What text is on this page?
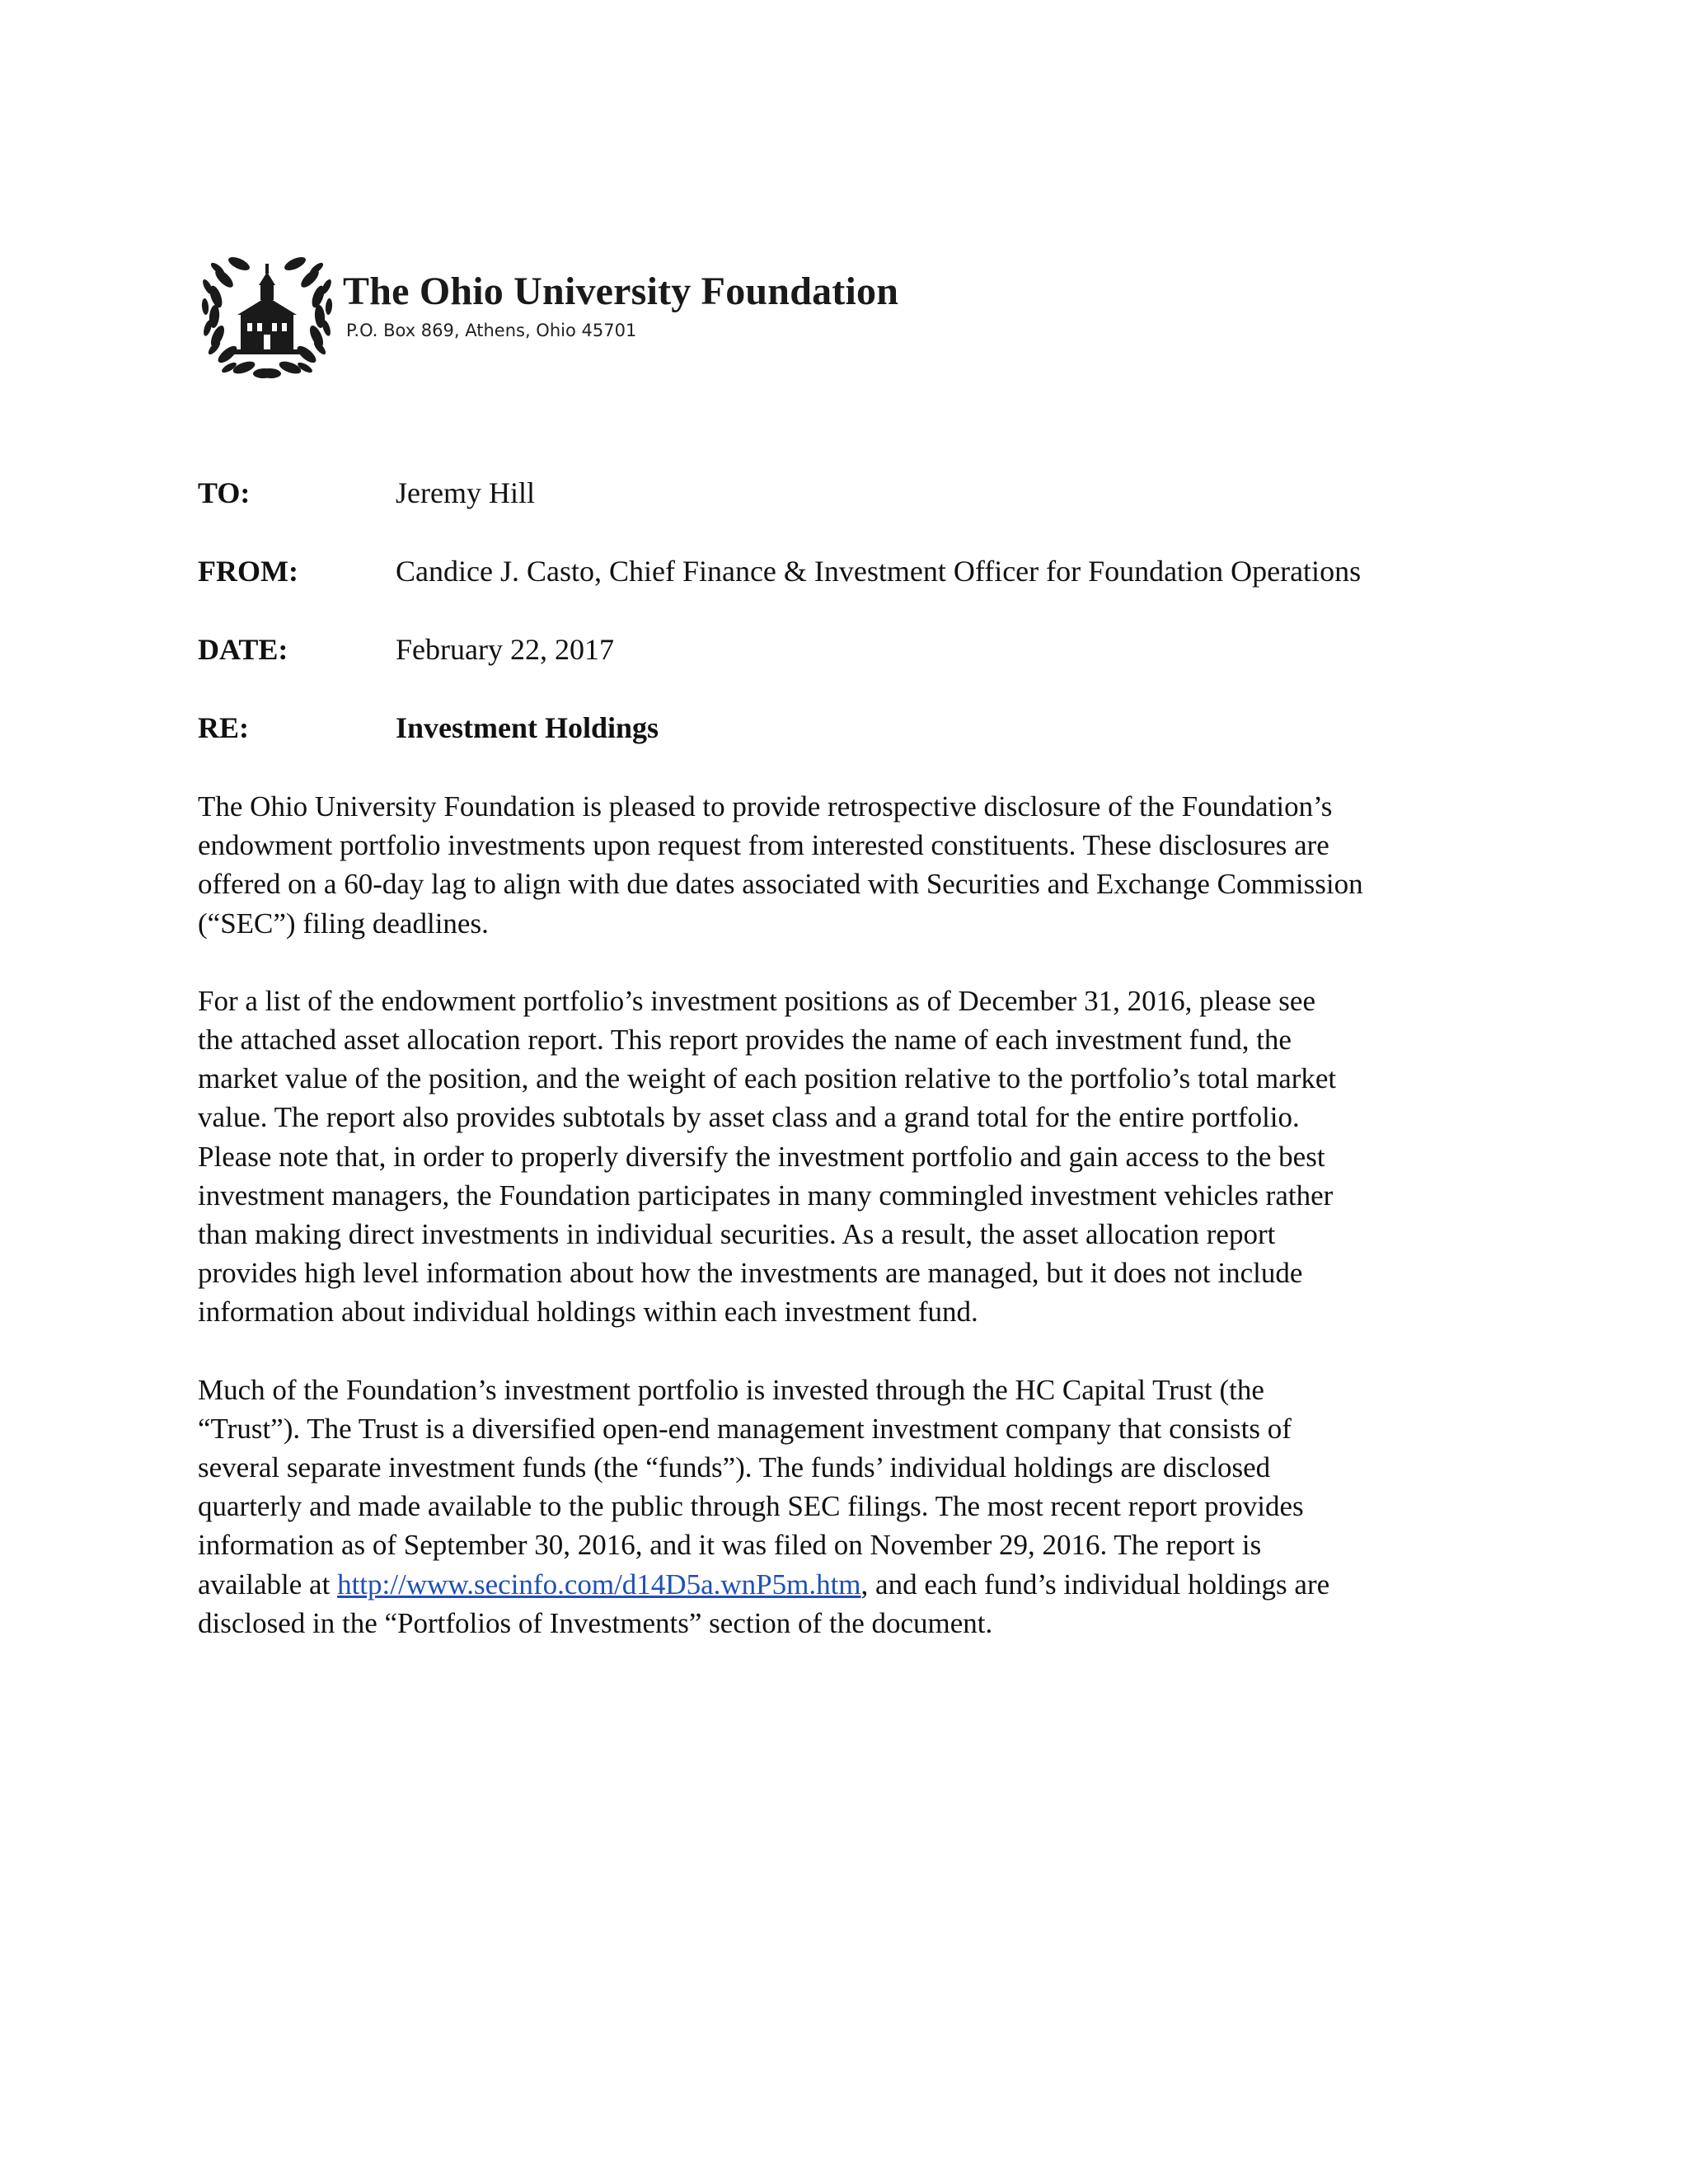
The Ohio University Foundation
P.O. Box 869, Athens, Ohio 45701
TO:	Jeremy Hill
FROM:	Candice J. Casto, Chief Finance & Investment Officer for Foundation Operations
DATE:	February 22, 2017
RE:	Investment Holdings

The Ohio University Foundation is pleased to provide retrospective disclosure of the Foundation’s
endowment portfolio investments upon request from interested constituents. These disclosures are
offered on a 60-day lag to align with due dates associated with Securities and Exchange Commission
(“SEC”) filing deadlines.

For a list of the endowment portfolio’s investment positions as of December 31, 2016, please see
the attached asset allocation report. This report provides the name of each investment fund, the
market value of the position, and the weight of each position relative to the portfolio’s total market
value. The report also provides subtotals by asset class and a grand total for the entire portfolio.
Please note that, in order to properly diversify the investment portfolio and gain access to the best
investment managers, the Foundation participates in many commingled investment vehicles rather
than making direct investments in individual securities. As a result, the asset allocation report
provides high level information about how the investments are managed, but it does not include
information about individual holdings within each investment fund.

Much of the Foundation’s investment portfolio is invested through the HC Capital Trust (the
“Trust”). The Trust is a diversified open-end management investment company that consists of
several separate investment funds (the “funds”). The funds’ individual holdings are disclosed
quarterly and made available to the public through SEC filings. The most recent report provides
information as of September 30, 2016, and it was filed on November 29, 2016. The report is
available at http://www.secinfo.com/d14D5a.wnP5m.htm, and each fund’s individual holdings are
disclosed in the “Portfolios of Investments” section of the document.
